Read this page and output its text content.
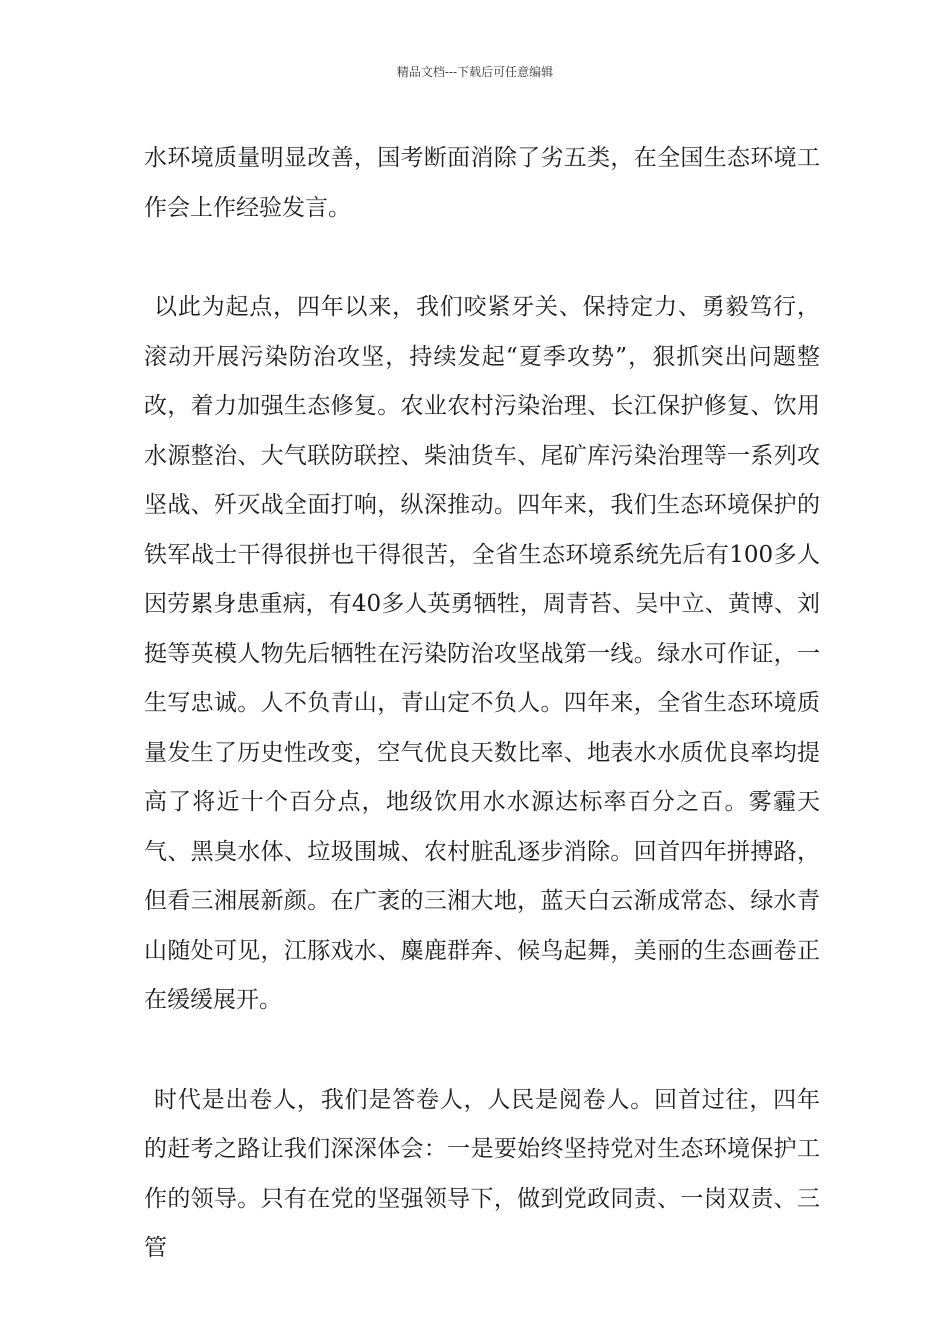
精品文档---下载后可任意编辑

水环境质量明显改善，国考断面消除了劣五类，在全国生态环境工作会上作经验发言。

以此为起点，四年以来，我们咬紧牙关、保持定力、勇毅笃行，滚动开展污染防治攻坚，持续发起“夏季攻势”，狠抓突出问题整改，着力加强生态修复。农业农村污染治理、长江保护修复、饮用水源整治、大气联防联控、柴油货车、尾矿库污染治理等一系列攻坚战、歼灭战全面打响，纵深推动。四年来，我们生态环境保护的铁军战士干得很拼也干得很苦，全省生态环境系统先后有100多人因劳累身患重病，有40多人英勇牺牲，周青苔、吴中立、黄博、刘挺等英模人物先后牺牲在污染防治攻坚战第一线。绿水可作证，一生写忠诚。人不负青山，青山定不负人。四年来，全省生态环境质量发生了历史性改变，空气优良天数比率、地表水水质优良率均提高了将近十个百分点，地级饮用水水源达标率百分之百。雾霾天气、黑臭水体、垃圾围城、农村脏乱逐步消除。回首四年拼搏路，但看三湘展新颜。在广袤的三湘大地，蓝天白云渐成常态、绿水青山随处可见，江豚戏水、麋鹿群奔、候鸟起舞，美丽的生态画卷正在缓缓展开。

时代是出卷人，我们是答卷人，人民是阅卷人。回首过往，四年的赶考之路让我们深深体会：一是要始终坚持党对生态环境保护工作的领导。只有在党的坚强领导下，做到党政同责、一岗双责、三管
